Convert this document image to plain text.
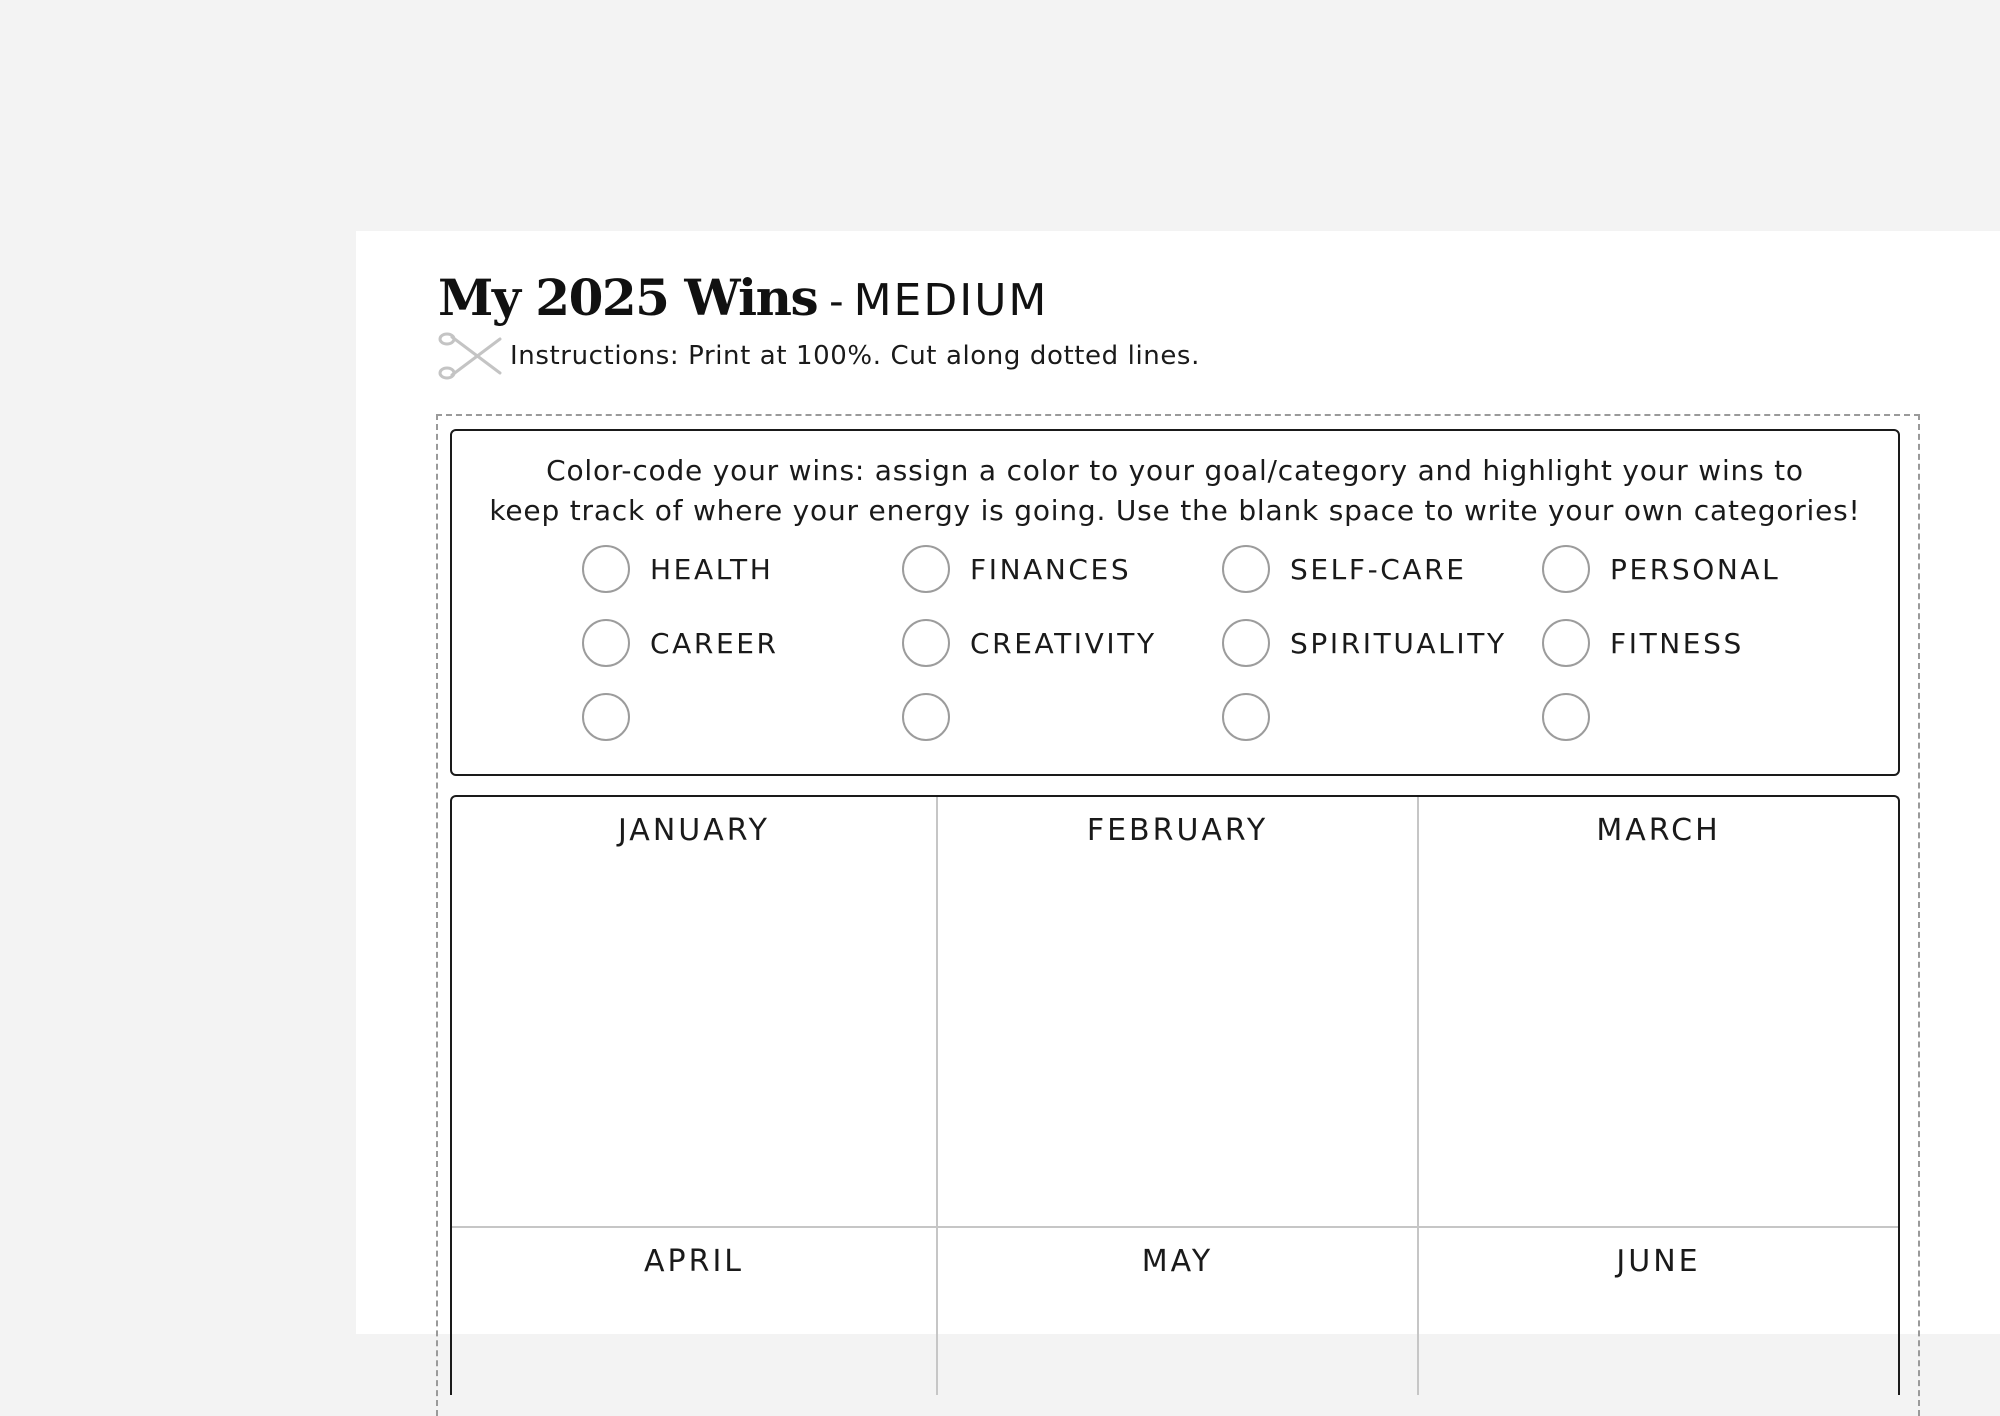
My 2025 Wins - MEDIUM
Instructions: Print at 100%. Cut along dotted lines.
Color-code your wins: assign a color to your goal/category and highlight your wins to
keep track of where your energy is going. Use the blank space to write your own categories!
HEALTH	FINANCES	SELF-CARE	PERSONAL
CAREER	CREATIVITY	SPIRITUALITY	FITNESS
JANUARY	FEBRUARY	MARCH
APRIL	MAY	JUNE
